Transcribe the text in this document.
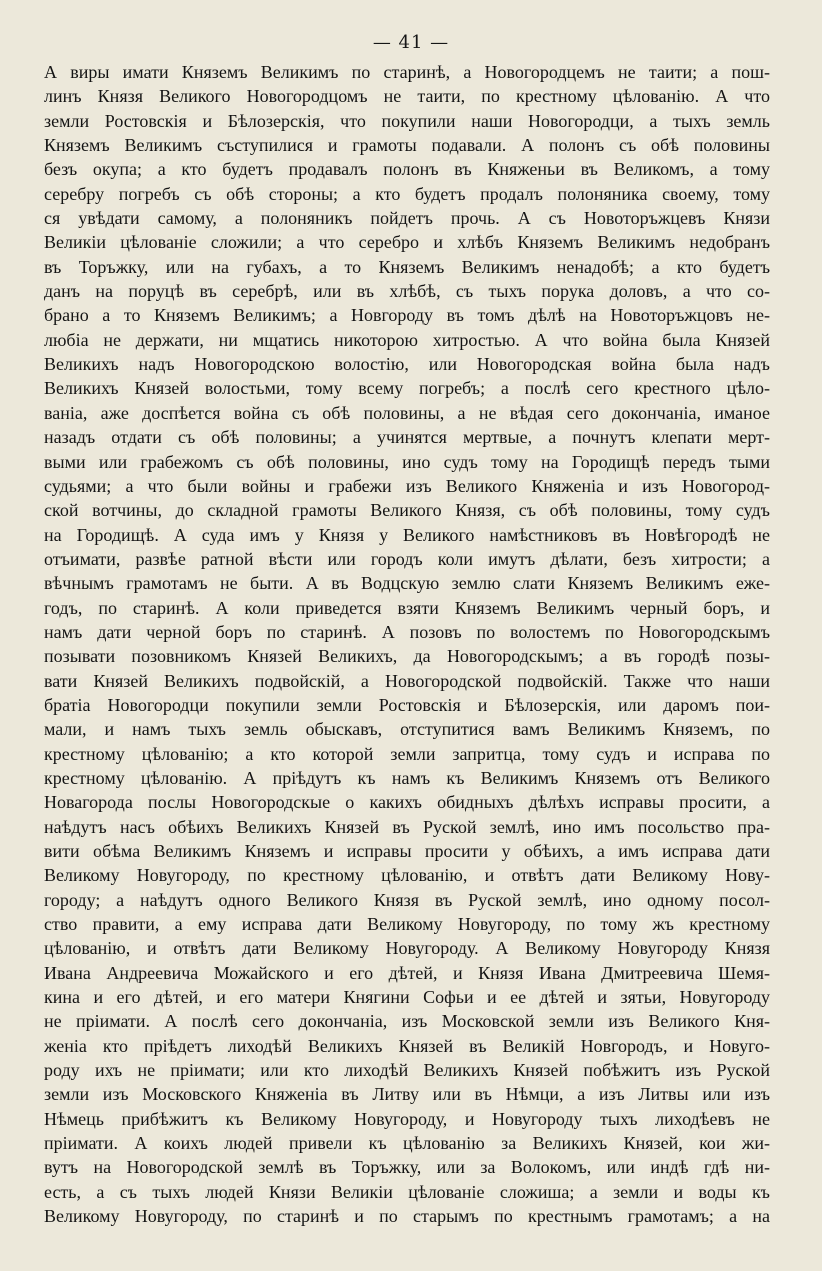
— 41 —
А виры имати Княземъ Великимъ по старинѣ, а Новогородцемъ не таити; а пош-
линъ Князя Великого Новогородцомъ не таити, по крестному цѣлованію. А что
земли Ростовскія и Бѣлозерскія, что покупили наши Новогородци, а тыхъ земль
Княземъ Великимъ съступилися и грамоты подавали. А полонъ съ обѣ половины
безъ окупа; а кто будетъ продавалъ полонъ въ Княженьи въ Великомъ, а тому
серебру погребъ съ обѣ стороны; а кто будетъ продалъ полоняника своему, тому
ся увѣдати самому, а полоняникъ пойдетъ прочь. А съ Новоторъжцевъ Князи
Великіи цѣлованіе сложили; а что серебро и хлѣбъ Княземъ Великимъ недобранъ
въ Торъжку, или на губахъ, а то Княземъ Великимъ ненадобѣ; а кто будетъ
данъ на поруцѣ въ серебрѣ, или въ хлѣбѣ, съ тыхъ порука доловъ, а что со-
брано а то Княземъ Великимъ; а Новгороду въ томъ дѣлѣ на Новоторъжцовъ не-
любіа не держати, ни мщатись никоторою хитростью. А что война была Князей
Великихъ надъ Новогородскою волостію, или Новогородская война была надъ
Великихъ Князей волостьми, тому всему погребъ; а послѣ сего крестного цѣло-
ваніа, аже доспѣется война съ обѣ половины, а не вѣдая сего докончаніа, иманое
назадъ отдати съ обѣ половины; а учинятся мертвые, а почнутъ клепати мерт-
выми или грабежомъ съ обѣ половины, ино судъ тому на Городищѣ передъ тыми
судьями; а что были войны и грабежи изъ Великого Княженіа и изъ Новогород-
ской вотчины, до складной грамоты Великого Князя, съ обѣ половины, тому судъ
на Городищѣ. А суда имъ у Князя у Великого намѣстниковъ въ Новѣгородѣ не
отъимати, развѣе ратной вѣсти или городъ коли имутъ дѣлати, безъ хитрости; а
вѣчнымъ грамотамъ не быти. А въ Водцскую землю слати Княземъ Великимъ еже-
годъ, по старинѣ. А коли приведется взяти Княземъ Великимъ черный боръ, и
намъ дати черной боръ по старинѣ. А позовъ по волостемъ по Новогородскымъ
позывати позовникомъ Князей Великихъ, да Новогородскымъ; а въ городѣ позы-
вати Князей Великихъ подвойскій, а Новогородской подвойскій. Также что наши
братіа Новогородци покупили земли Ростовскія и Бѣлозерскія, или даромъ пои-
мали, и намъ тыхъ земль обыскавъ, отступитися вамъ Великимъ Княземъ, по
крестному цѣлованію; а кто которой земли запритца, тому судъ и исправа по
крестному цѣлованію. А пріѣдутъ къ намъ къ Великимъ Княземъ отъ Великого
Новагорода послы Новогородскые о какихъ обидныхъ дѣлѣхъ исправы просити, а
наѣдутъ насъ обѣихъ Великихъ Князей въ Руской землѣ, ино имъ посольство пра-
вити обѣма Великимъ Княземъ и исправы просити у обѣихъ, а имъ исправа дати
Великому Новугороду, по крестному цѣлованію, и отвѣтъ дати Великому Нову-
городу; а наѣдутъ одного Великого Князя въ Руской землѣ, ино одному посол-
ство правити, а ему исправа дати Великому Новугороду, по тому жъ крестному
цѣлованію, и отвѣтъ дати Великому Новугороду. А Великому Новугороду Князя
Ивана Андреевича Можайского и его дѣтей, и Князя Ивана Дмитреевича Шемя-
кина и его дѣтей, и его матери Княгини Софьи и ее дѣтей и зятьи, Новугороду
не пріимати. А послѣ сего докончаніа, изъ Московской земли изъ Великого Кня-
женіа кто пріѣдетъ лиходѣй Великихъ Князей въ Великій Новгородъ, и Новуго-
роду ихъ не пріимати; или кто лиходѣй Великихъ Князей побѣжитъ изъ Руской
земли изъ Московского Княженіа въ Литву или въ Нѣмци, а изъ Литвы или изъ
Нѣмець прибѣжитъ къ Великому Новугороду, и Новугороду тыхъ лиходѣевъ не
пріимати. А коихъ людей привели къ цѣлованію за Великихъ Князей, кои жи-
вутъ на Новогородской землѣ въ Торъжку, или за Волокомъ, или индѣ гдѣ ни-
есть, а съ тыхъ людей Князи Великіи цѣлованіе сложиша; а земли и воды къ
Великому Новугороду, по старинѣ и по старымъ по крестнымъ грамотамъ; а на
